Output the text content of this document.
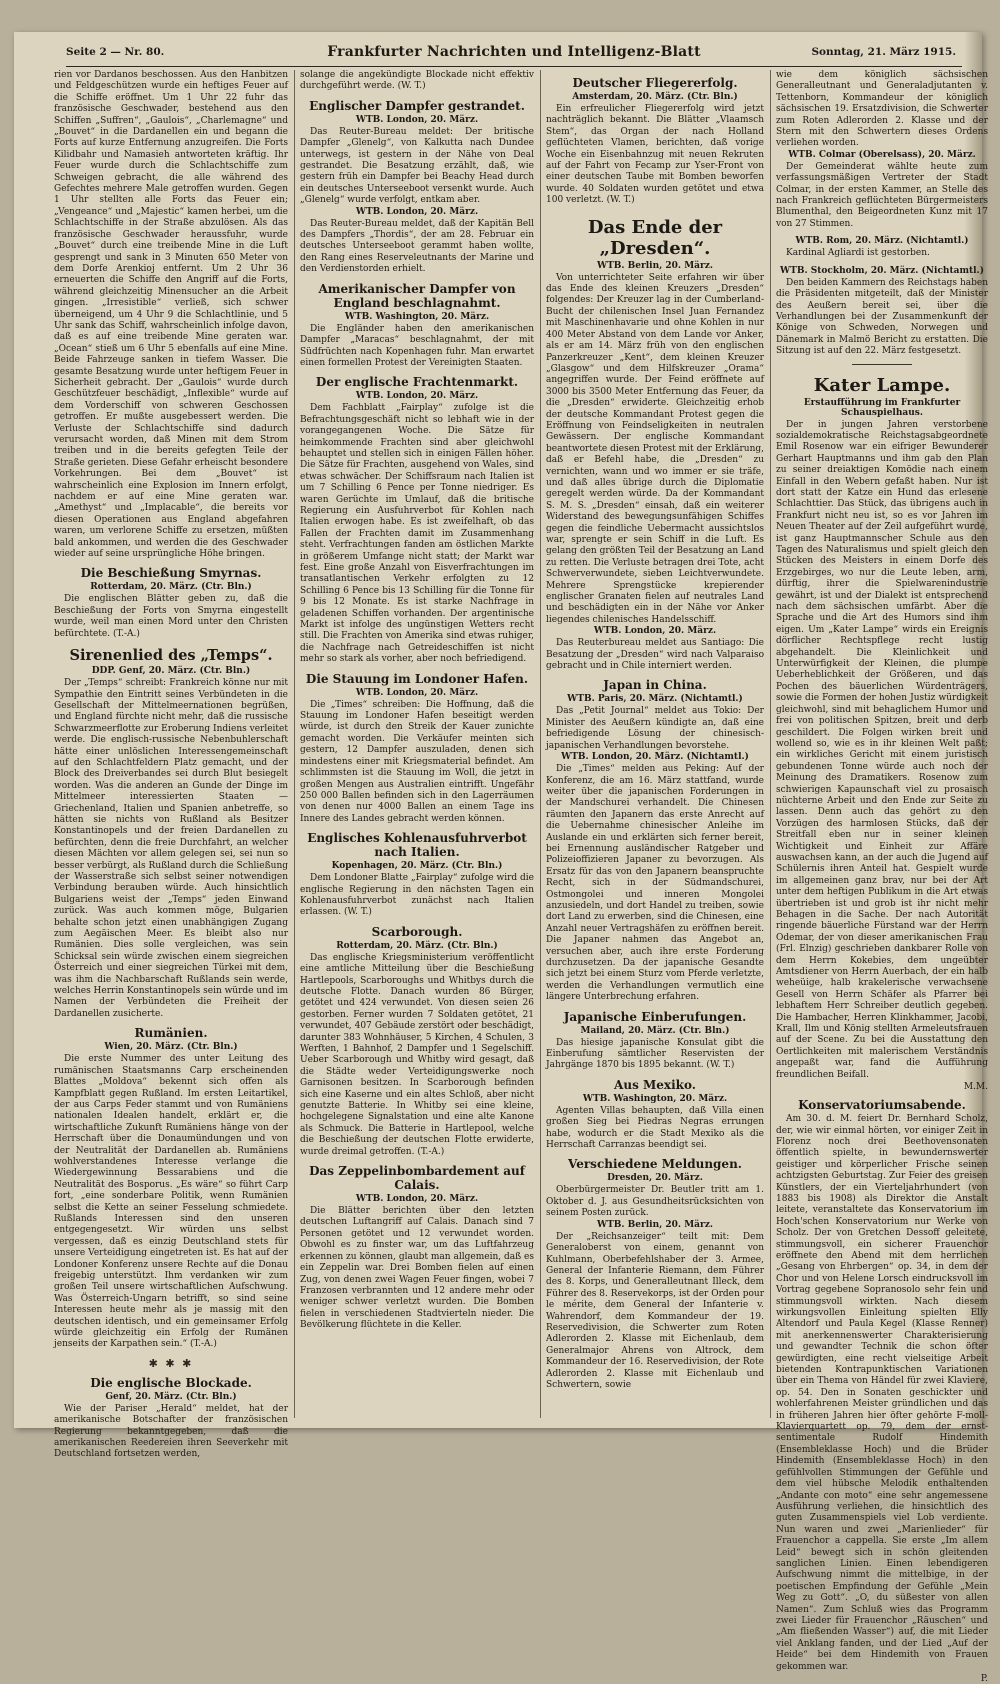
Seite 2 — Nr. 80.	Frankfurter Nachrichten und Intelligenz-Blatt	Sonntag, 21. März 1915.

rien vor Dardanos beschossen. Aus den Hanbitzen und Feldgeschützen wurde ein heftiges Feuer auf die Schiffe eröffnet. Um 1 Uhr 22 fuhr das französische Geschwader, bestehend aus den Schiffen „Suffren“, „Gaulois“, „Charlemagne“ und „Bouvet“ in die Dardanellen ein und begann die Forts auf kurze Entfernung anzugreifen. Die Forts Kilidbahr und Namasieh antworteten kräftig. Ihr Feuer wurde durch die Schlachtschiffe zum Schweigen gebracht, die alle während des Gefechtes mehrere Male getroffen wurden. Gegen 1 Uhr stellten alle Forts das Feuer ein; „Vengeance“ und „Majestic“ kamen herbei, um die Schlachtschiffe in der Straße abzulösen. Als das französische Geschwader heraussfuhr, wurde „Bouvet“ durch eine treibende Mine in die Luft gesprengt und sank in 3 Minuten 650 Meter von dem Dorfe Arenkioj entfernt. Um 2 Uhr 36 erneuerten die Schiffe den Angriff auf die Forts, während gleichzeitig Minensucher an die Arbeit gingen. „Irresistible“ verließ, sich schwer überneigend, um 4 Uhr 9 die Schlachtlinie, und 5 Uhr sank das Schiff, wahrscheinlich infolge davon, daß es auf eine treibende Mine geraten war. „Ocean“ stieß um 6 Uhr 5 ebenfalls auf eine Mine. Beide Fahrzeuge sanken in tiefem Wasser. Die gesamte Besatzung wurde unter heftigem Feuer in Sicherheit gebracht. Der „Gaulois“ wurde durch Geschützfeuer beschädigt, „Inflexible“ wurde auf dem Vorderschiff von schweren Geschossen getroffen. Er mußte ausgebessert werden. Die Verluste der Schlachtschiffe sind dadurch verursacht worden, daß Minen mit dem Strom treiben und in die bereits gefegten Teile der Straße gerieten. Diese Gefahr erheischt besondere Vorkehrungen. Bei dem „Bouvet“ ist wahrscheinlich eine Explosion im Innern erfolgt, nachdem er auf eine Mine geraten war. „Amethyst“ und „Implacable“, die bereits vor diesen Operationen aus England abgefahren waren, um verlorene Schiffe zu ersetzen, müßten bald ankommen, und werden die des Geschwader wieder auf seine ursprüngliche Höhe bringen.

Die Beschießung Smyrnas.
Rotterdam, 20. März. (Ctr. Bln.)

Die englischen Blätter geben zu, daß die Beschießung der Forts von Smyrna eingestellt wurde, weil man einen Mord unter den Christen befürchtete. (T.-A.)

Sirenenlied des „Temps“.
DDP. Genf, 20. März. (Ctr. Bln.)

Der „Temps“ schreibt: Frankreich könne nur mit Sympathie den Eintritt seines Verbündeten in die Gesellschaft der Mittelmeernationen begrüßen, und England fürchte nicht mehr, daß die russische Schwarzmeerflotte zur Eroberung Indiens verleitet werde. Die englisch-russische Nebenbuhlerschaft hätte einer unlöslichen Interessengemeinschaft auf den Schlachtfeldern Platz gemacht, und der Block des Dreiverbandes sei durch Blut besiegelt worden. Was die anderen an Gunde der Dinge im Mittelmeer interessierten Staaten — Griechenland, Italien und Spanien anbetreffe, so hätten sie nichts von Rußland als Besitzer Konstantinopels und der freien Dardanellen zu befürchten, denn die freie Durchfahrt, an welcher diesen Mächten vor allem gelegen sei, sei nun so besser verbürgt, als Rußland durch die Schließung der Wasserstraße sich selbst seiner notwendigen Verbindung berauben würde. Auch hinsichtlich Bulgariens weist der „Temps“ jeden Einwand zurück. Was auch kommen möge, Bulgarien behalte schon jetzt einen unabhängigen Zugang zum Aegäischen Meer. Es bleibt also nur Rumänien. Dies solle vergleichen, was sein Schicksal sein würde zwischen einem siegreichen Österreich und einer siegreichen Türkei mit dem, was ihm die Nachbarschaft Rußlands sein werde, welches Herrin Konstantinopels sein würde und im Namen der Verbündeten die Freiheit der Dardanellen zusicherte.

Rumänien.
Wien, 20. März. (Ctr. Bln.)

Die erste Nummer des unter Leitung des rumänischen Staatsmanns Carp erscheinenden Blattes „Moldova“ bekennt sich offen als Kampfblatt gegen Rußland. Im ersten Leitartikel, der aus Carps Feder stammt und von Rumäniens nationalen Idealen handelt, erklärt er, die wirtschaftliche Zukunft Rumäniens hänge von der Herrschaft über die Donaumündungen und von der Neutralität der Dardanellen ab. Rumäniens wohlverstandenes Interesse verlange die Wiedergewinnung Bessarabiens und die Neutralität des Bosporus. „Es wäre“ so führt Carp fort, „eine sonderbare Politik, wenn Rumänien selbst die Kette an seiner Fesselung schmiedete. Rußlands Interessen sind den unseren entgegengesetzt. Wir würden uns selbst vergessen, daß es einzig Deutschland stets für unsere Verteidigung eingetreten ist. Es hat auf der Londoner Konferenz unsere Rechte auf die Donau freigebig unterstützt. Ihm verdanken wir zum großen Teil unsere wirtschaftlichen Aufschwung. Was Österreich-Ungarn betrifft, so sind seine Interessen heute mehr als je massig mit den deutschen identisch, und ein gemeinsamer Erfolg würde gleichzeitig ein Erfolg der Rumänen jenseits der Karpathen sein.“ (T.-A.)

✱ ✱ ✱
Die englische Blockade.
Genf, 20. März. (Ctr. Bln.)

Wie der Pariser „Herald“ meldet, hat der amerikanische Botschafter der französischen Regierung bekanntgegeben, daß die amerikanischen Reedereien ihren Seeverkehr mit Deutschland fortsetzen werden,

solange die angekündigte Blockade nicht effektiv durchgeführt werde. (W. T.)

Englischer Dampfer gestrandet.
WTB. London, 20. März.

Das Reuter-Bureau meldet: Der britische Dampfer „Glenelg“, von Kalkutta nach Dundee unterwegs, ist gestern in der Nähe von Deal gestrandet. Die Besatzung erzählt, daß, wie gestern früh ein Dampfer bei Beachy Head durch ein deutsches Unterseeboot versenkt wurde. Auch „Glenelg“ wurde verfolgt, entkam aber.

WTB. London, 20. März.

Das Reuter-Bureau meldet, daß der Kapitän Bell des Dampfers „Thordis“, der am 28. Februar ein deutsches Unterseeboot gerammt haben wollte, den Rang eines Reserveleutnants der Marine und den Verdienstorden erhielt.

Amerikanischer Dampfer von England beschlagnahmt.
WTB. Washington, 20. März.

Die Engländer haben den amerikanischen Dampfer „Maracas“ beschlagnahmt, der mit Südfrüchten nach Kopenhagen fuhr. Man erwartet einen formellen Protest der Vereinigten Staaten.

Der englische Frachtenmarkt.
WTB. London, 20. März.

Dem Fachblatt „Fairplay“ zufolge ist die Befrachtungsgeschäft nicht so lebhaft wie in der vorangegangenen Woche. Die Sätze für heimkommende Frachten sind aber gleichwohl behauptet und stellen sich in einigen Fällen höher. Die Sätze für Frachten, ausgehend von Wales, sind etwas schwächer. Der Schiffsraum nach Italien ist um 7 Schilling 6 Pence per Tonne niedriger. Es waren Gerüchte im Umlauf, daß die britische Regierung ein Ausfuhrverbot für Kohlen nach Italien erwogen habe. Es ist zweifelhaft, ob das Fallen der Frachten damit im Zusammenhang steht. Verfrachtungen fanden am östlichen Markte in größerem Umfange nicht statt; der Markt war fest. Eine große Anzahl von Eisverfrachtungen im transatlantischen Verkehr erfolgten zu 12 Schilling 6 Pence bis 13 Schilling für die Tonne für 9 bis 12 Monate. Es ist starke Nachfrage in geladenen Schiffen vorhanden. Der argentinische Markt ist infolge des ungünstigen Wetters recht still. Die Frachten von Amerika sind etwas ruhiger, die Nachfrage nach Getreideschiffen ist nicht mehr so stark als vorher, aber noch befriedigend.

Die Stauung im Londoner Hafen.
WTB. London, 20. März.

Die „Times“ schreiben: Die Hoffnung, daß die Stauung im Londoner Hafen beseitigt werden würde, ist durch den Streik der Kauer zunichte gemacht worden. Die Verkäufer meinten sich gestern, 12 Dampfer auszuladen, denen sich mindestens einer mit Kriegsmaterial befindet. Am schlimmsten ist die Stauung im Woll, die jetzt in großen Mengen aus Australien eintrifft. Ungefähr 250 000 Ballen befinden sich in den Lagerräumen von denen nur 4000 Ballen an einem Tage ins Innere des Landes gebracht werden können.

Englisches Kohlenausfuhrverbot nach Italien.
Kopenhagen, 20. März. (Ctr. Bln.)

Dem Londoner Blatte „Fairplay“ zufolge wird die englische Regierung in den nächsten Tagen ein Kohlenausfuhrverbot zunächst nach Italien erlassen. (W. T.)

Scarborough.
Rotterdam, 20. März. (Ctr. Bln.)

Das englische Kriegsministerium veröffentlicht eine amtliche Mitteilung über die Beschießung Hartlepools, Scarboroughs und Whitbys durch die deutsche Flotte. Danach wurden 86 Bürger, getötet und 424 verwundet. Von diesen seien 26 gestorben. Ferner wurden 7 Soldaten getötet, 21 verwundet, 407 Gebäude zerstört oder beschädigt, darunter 383 Wohnhäuser, 5 Kirchen, 4 Schulen, 3 Werften, 1 Bahnhof, 2 Dampfer und 1 Segelschiff. Ueber Scarborough und Whitby wird gesagt, daß die Städte weder Verteidigungswerke noch Garnisonen besitzen. In Scarborough befinden sich eine Kaserne und ein altes Schloß, aber nicht genutzte Batterie. In Whitby sei eine kleine, hochgelegene Signalstation und eine alte Kanone als Schmuck. Die Batterie in Hartlepool, welche die Beschießung der deutschen Flotte erwiderte, wurde dreimal getroffen. (T.-A.)

Das Zeppelinbombardement auf Calais.
WTB. London, 20. März.

Die Blätter berichten über den letzten deutschen Luftangriff auf Calais. Danach sind 7 Personen getötet und 12 verwundet worden. Obwohl es zu finster war, um das Luftfahrzeug erkennen zu können, glaubt man allgemein, daß es ein Zeppelin war. Drei Bomben fielen auf einen Zug, von denen zwei Wagen Feuer fingen, wobei 7 Franzosen verbrannten und 12 andere mehr oder weniger schwer verletzt wurden. Die Bomben fielen in verschiedenen Stadtvierteln nieder. Die Bevölkerung flüchtete in die Keller.

Deutscher Fliegererfolg.
Amsterdam, 20. März. (Ctr. Bln.)

Ein erfreulicher Fliegererfolg wird jetzt nachträglich bekannt. Die Blätter „Vlaamsch Stem“, das Organ der nach Holland geflüchteten Vlamen, berichten, daß vorige Woche ein Eisenbahnzug mit neuen Rekruten auf der Fahrt von Fecamp zur Yser-Front von einer deutschen Taube mit Bomben beworfen wurde. 40 Soldaten wurden getötet und etwa 100 verletzt. (W. T.)

Das Ende der „Dresden“.
WTB. Berlin, 20. März.

Von unterrichteter Seite erfahren wir über das Ende des kleinen Kreuzers „Dresden“ folgendes: Der Kreuzer lag in der Cumberland-Bucht der chilenischen Insel Juan Fernandez mit Maschinenhavarie und ohne Kohlen in nur 400 Meter Abstand von dem Lande vor Anker, als er am 14. März früh von den englischen Panzerkreuzer „Kent“, dem kleinen Kreuzer „Glasgow“ und dem Hilfskreuzer „Orama“ angegriffen wurde. Der Feind eröffnete auf 3000 bis 3500 Meter Entfernung das Feuer, da die „Dresden“ erwiderte. Gleichzeitig erhob der deutsche Kommandant Protest gegen die Eröffnung von Feindseligkeiten in neutralen Gewässern. Der englische Kommandant beantwortete diesen Protest mit der Erklärung, daß er Befehl habe, die „Dresden“ zu vernichten, wann und wo immer er sie träfe, und daß alles übrige durch die Diplomatie geregelt werden würde. Da der Kommandant S. M. S. „Dresden“ einsah, daß ein weiterer Widerstand des bewegungsunfähigen Schiffes gegen die feindliche Uebermacht aussichtslos war, sprengte er sein Schiff in die Luft. Es gelang den größten Teil der Besatzung an Land zu retten. Die Verluste betragen drei Tote, acht Schwerverwundete, sieben Leichtverwundete. Mehrere Sprengstücke krepierender englischer Granaten fielen auf neutrales Land und beschädigten ein in der Nähe vor Anker liegendes chilenisches Handelsschiff.

WTB. London, 20. März.

Das Reuterbureau meldet aus Santiago: Die Besatzung der „Dresden“ wird nach Valparaiso gebracht und in Chile interniert werden.

Japan in China.
WTB. Paris, 20. März. (Nichtamtl.)

Das „Petit Journal“ meldet aus Tokio: Der Minister des Aeußern kündigte an, daß eine befriedigende Lösung der chinesisch-japanischen Verhandlungen bevorstehe.

WTB. London, 20. März. (Nichtamtl.)

Die „Times“ melden aus Peking: Auf der Konferenz, die am 16. März stattfand, wurde weiter über die japanischen Forderungen in der Mandschurei verhandelt. Die Chinesen räumten den Japanern das erste Anrecht auf die Uebernahme chinesischer Anleihe im Auslande ein und erklärten sich ferner bereit, bei Ernennung ausländischer Ratgeber und Polizeioffizieren Japaner zu bevorzugen. Als Ersatz für das von den Japanern beanspruchte Recht, sich in der Südmandschurei, Ostmongolei und inneren Mongolei anzusiedeln, und dort Handel zu treiben, sowie dort Land zu erwerben, sind die Chinesen, eine Anzahl neuer Vertragshäfen zu eröffnen bereit. Die Japaner nahmen das Angebot an, versuchen aber, auch ihre erste Forderung durchzusetzen. Da der japanische Gesandte sich jetzt bei einem Sturz vom Pferde verletzte, werden die Verhandlungen vermutlich eine längere Unterbrechung erfahren.

Japanische Einberufungen.
Mailand, 20. März. (Ctr. Bln.)

Das hiesige japanische Konsulat gibt die Einberufung sämtlicher Reservisten der Jahrgänge 1870 bis 1895 bekannt. (W. T.)

Aus Mexiko.
WTB. Washington, 20. März.

Agenten Villas behaupten, daß Villa einen großen Sieg bei Piedras Negras errungen habe, wodurch er die Stadt Mexiko als die Herrschaft Carranzas beendigt sei.

Verschiedene Meldungen.
Dresden, 20. März.

Oberbürgermeister Dr. Beutler tritt am 1. Oktober d. J. aus Gesundheitsrücksichten von seinem Posten zurück.

WTB. Berlin, 20. März.

Der „Reichsanzeiger“ teilt mit: Dem Generaloberst von einem, genannt von Kuhlmann, Oberbefehlshaber der 3. Armee, General der Infanterie Riemann, dem Führer des 8. Korps, und Generalleutnant Illeck, dem Führer des 8. Reservekorps, ist der Orden pour le mérite, dem General der Infanterie v. Wahrendorf, dem Kommandeur der 19. Reservedivision, die Schwerter zum Roten Adlerorden 2. Klasse mit Eichenlaub, dem Generalmajor Ahrens von Altrock, dem Kommandeur der 16. Reservedivision, der Rote Adlerorden 2. Klasse mit Eichenlaub und Schwertern, sowie

wie dem königlich sächsischen Generalleutnant und Generaladjutanten v. Tettenborn, Kommandeur der königlich sächsischen 19. Ersatzdivision, die Schwerter zum Roten Adlerorden 2. Klasse und der Stern mit den Schwertern dieses Ordens verliehen worden.

WTB. Colmar (Oberelsass), 20. März.

Der Gemeinderat wählte heute zum verfassungsmäßigen Vertreter der Stadt Colmar, in der ersten Kammer, an Stelle des nach Frankreich geflüchteten Bürgermeisters Blumenthal, den Beigeordneten Kunz mit 17 von 27 Stimmen.

WTB. Rom, 20. März. (Nichtamtl.)

Kardinal Agliardi ist gestorben.

WTB. Stockholm, 20. März. (Nichtamtl.)

Den beiden Kammern des Reichstags haben die Präsidenten mitgeteilt, daß der Minister des Aeußern bereit sei, über die Verhandlungen bei der Zusammenkunft der Könige von Schweden, Norwegen und Dänemark in Malmö Bericht zu erstatten. Die Sitzung ist auf den 22. März festgesetzt.

Kater Lampe.
Erstaufführung im Frankfurter Schauspielhaus.

Der in jungen Jahren verstorbene sozialdemokratische Reichstagsabgeordnete Emil Rosenow war ein eifriger Bewunderer Gerhart Hauptmanns und ihm gab den Plan zu seiner dreiaktigen Komödie nach einem Einfall in den Webern gefaßt haben. Nur ist dort statt der Katze ein Hund das erlesene Schlachttier. Das Stück, das übrigens auch in Frankfurt nicht neu ist, so es vor Jahren im Neuen Theater auf der Zeil aufgeführt wurde, ist ganz Hauptmannscher Schule aus den Tagen des Naturalismus und spielt gleich den Stücken des Meisters in einem Dorfe des Erzgebirges, wo nur die Leute leben, arm, dürftig, ihrer die Spielwarenindustrie gewährt, ist und der Dialekt ist entsprechend nach dem sächsischen umfärbt. Aber die Sprache und die Art des Humors sind ihm eigen. Um „Kater Lampe“ wirds ein Ereignis dörflicher Rechtspflege recht lustig abgehandelt. Die Kleinlichkeit und Unterwürfigkeit der Kleinen, die plumpe Ueberheblichkeit der Größeren, und das Pochen des bäuerlichen Würdenträgers, sowie die Formen der hohen Justiz würdigkeit gleichwohl, sind mit behaglichem Humor und frei von politischen Spitzen, breit und derb geschildert. Die Folgen wirken breit und wollend so, wie es in ihr kleinen Welt paßt; ein wirkliches Gericht mit einem juristisch gebundenen Tonne würde auch noch der Meinung des Dramatikers. Rosenow zum schwierigen Kapaunschaft viel zu prosaisch nüchterne Arbeit und den Ende zur Seite zu lassen. Denn auch das gehört zu den Vorzügen des harmlosen Stücks, daß der Streitfall eben nur in seiner kleinen Wichtigkeit und Einheit zur Affäre auswachsen kann, an der auch die Jugend auf Schülernis ihren Anteil hat. Gespielt wurde im allgemeinen ganz brav, nur bei der Art unter dem heftigen Publikum in die Art etwas übertrieben ist und grob ist ihr nicht mehr Behagen in die Sache. Der nach Autorität ringende bäuerliche Fürstand war der Herrn Odemar, der von dieser amerikanischen Frau (Frl. Elnzig) geschrieben dankbarer Rolle von dem Herrn Kokebies, dem ungeübter Amtsdiener von Herrn Auerbach, der ein halb weheüige, halb krakelerische verwachsene Gesell von Herrn Schäfer als Pfarrer bei lebhaftem Herr Schreiber deutlich gegeben. Die Hambacher, Herren Klinkhammer, Jacobi, Krall, Ilm und König stellten Armeleutsfrauen auf der Scene. Zu bei die Ausstattung den Oertlichkeiten mit malerischem Verständnis angepaßt war, fand die Aufführung freundlichen Beifall.

M.M.
Konservatoriumsabende.

Am 30. d. M. feiert Dr. Bernhard Scholz, der, wie wir einmal hörten, vor einiger Zeit in Florenz noch drei Beethovensonaten öffentlich spielte, in bewundernswerter geistiger und körperlicher Frische seinen achtzigsten Geburtstag. Zur Feier des greisen Künstlers, der ein Vierteljahrhundert (von 1883 bis 1908) als Direktor die Anstalt leitete, veranstaltete das Konservatorium im Hoch'schen Konservatorium nur Werke von Scholz. Der von Gretchen Dessoff geleitete, stimmungsvoll, ein sicherer Frauenchor eröffnete den Abend mit dem herrlichen „Gesang von Ehrbergen“ op. 34, in dem der Chor und von Helene Lorsch eindrucksvoll im Vortrag gegebene Sopranosolo sehr fein und stimmungsvoll wirkten. Nach diesem wirkungsvollen Einleitung spielten Elly Altendorf und Paula Kegel (Klasse Renner) mit anerkennenswerter Charakterisierung und gewandter Technik die schon öfter gewürdigten, eine recht vielseitige Arbeit bietenden Kontrapunktischen Variationen über ein Thema von Händel für zwei Klaviere, op. 54. Den in Sonaten geschickter und wohlerfahrenen Meister gründlichen und das in früheren Jahren hier öfter gehörte F-moll-Klavierquartett op. 79, dem der ernst-sentimentale Rudolf Hindemith (Ensembleklasse Hoch) und die Brüder Hindemith (Ensembleklasse Hoch) in den gefühlvollen Stimmungen der Gefühle und dem viel hübsche Melodik enthaltenden „Andante con moto“ eine sehr angemessene Ausführung verliehen, die hinsichtlich des guten Zusammenspiels viel Lob verdiente. Nun waren und zwei „Marienlieder“ für Frauenchor a cappella. Sie erste „Im allem Leid“ bewegt sich in schön gleitenden sanglichen Linien. Einen lebendigeren Aufschwung nimmt die mittelbige, in der poetischen Empfindung der Gefühle „Mein Weg zu Gott“. „O, du süßester von allen Namen“. Zum Schluß wies das Programm zwei Lieder für Frauenchor „Räuschen“ und „Am fließenden Wasser“) auf, die mit Lieder viel Anklang fanden, und der Lied „Auf der Heide“ bei dem Hindemith von Frauen gekommen war.

P.
